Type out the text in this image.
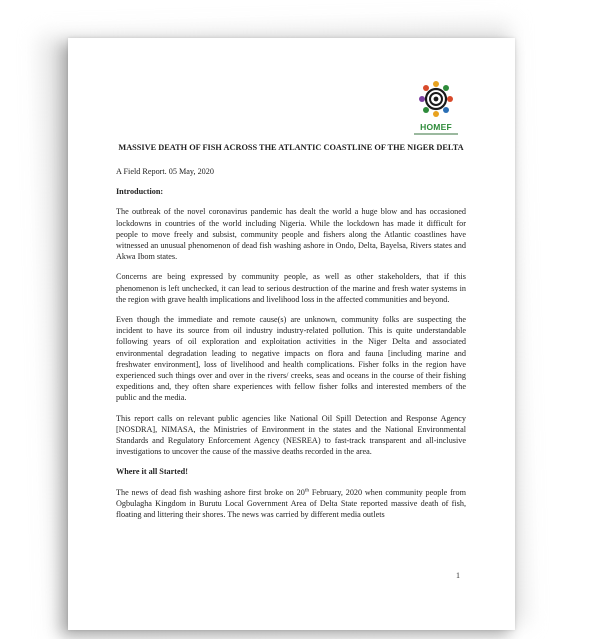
HOMEF
MASSIVE DEATH OF FISH ACROSS THE ATLANTIC COASTLINE OF THE NIGER DELTA
A Field Report. 05 May, 2020
Introduction:

The outbreak of the novel coronavirus pandemic has dealt the world a huge blow and has occasioned lockdowns in countries of the world including Nigeria. While the lockdown has made it difficult for people to move freely and subsist, community people and fishers along the Atlantic coastlines have witnessed an unusual phenomenon of dead fish washing ashore in Ondo, Delta, Bayelsa, Rivers states and Akwa Ibom states.

Concerns are being expressed by community people, as well as other stakeholders, that if this phenomenon is left unchecked, it can lead to serious destruction of the marine and fresh water systems in the region with grave health implications and livelihood loss in the affected communities and beyond.

Even though the immediate and remote cause(s) are unknown, community folks are suspecting the incident to have its source from oil industry industry-related pollution. This is quite understandable following years of oil exploration and exploitation activities in the Niger Delta and associated environmental degradation leading to negative impacts on flora and fauna [including marine and freshwater environment], loss of livelihood and health complications. Fisher folks in the region have experienced such things over and over in the rivers/ creeks, seas and oceans in the course of their fishing expeditions and, they often share experiences with fellow fisher folks and interested members of the public and the media.

This report calls on relevant public agencies like National Oil Spill Detection and Response Agency [NOSDRA], NIMASA, the Ministries of Environment in the states and the National Environmental Standards and Regulatory Enforcement Agency (NESREA) to fast-track transparent and all-inclusive investigations to uncover the cause of the massive deaths recorded in the area.

Where it all Started!

The news of dead fish washing ashore first broke on 20th February, 2020 when community people from Ogbulagha Kingdom in Burutu Local Government Area of Delta State reported massive death of fish, floating and littering their shores. The news was carried by different media outlets

1
